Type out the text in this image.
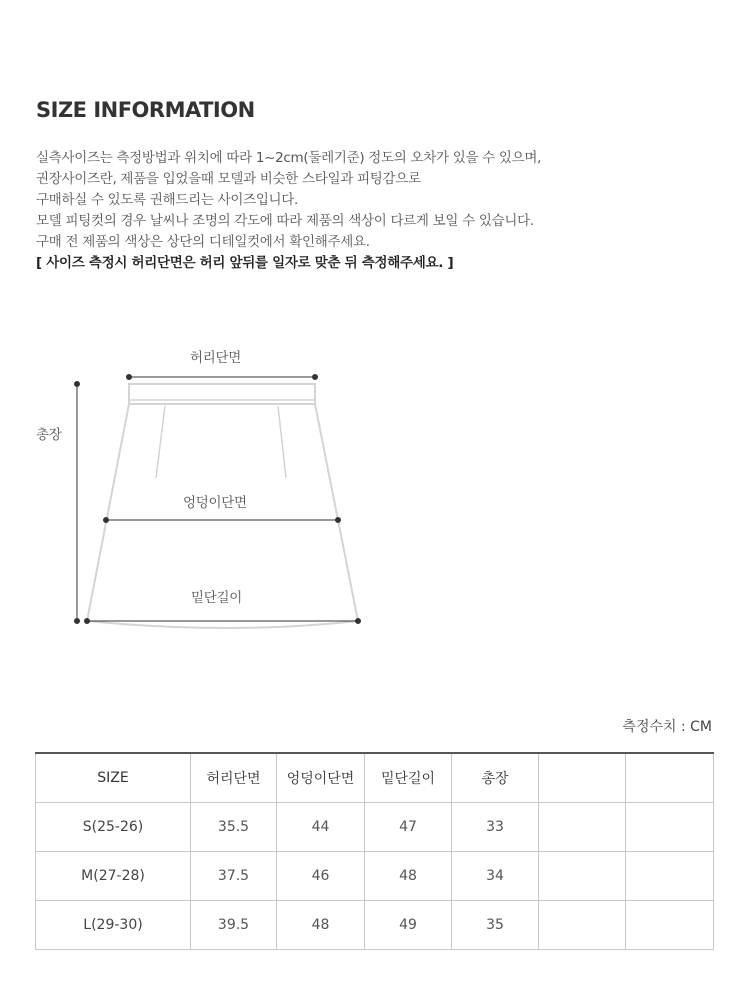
SIZE INFORMATION
실측사이즈는 측정방법과 위치에 따라 1~2cm(둘레기준) 정도의 오차가 있을 수 있으며,
권장사이즈란, 제품을 입었을때 모델과 비슷한 스타일과 피팅감으로
구매하실 수 있도록 권해드리는 사이즈입니다.
모델 피팅컷의 경우 날씨나 조명의 각도에 따라 제품의 색상이 다르게 보일 수 있습니다.
구매 전 제품의 색상은 상단의 디테일컷에서 확인해주세요.
[ 사이즈 측정시 허리단면은 허리 앞뒤를 일자로 맞춘 뒤 측정해주세요. ]
허리단면
총장
엉덩이단면
밑단길이
측정수치 : CM
SIZE	허리단면	엉덩이단면	밑단길이	총장		
S(25-26)	35.5	44	47	33		
M(27-28)	37.5	46	48	34		
L(29-30)	39.5	48	49	35		
